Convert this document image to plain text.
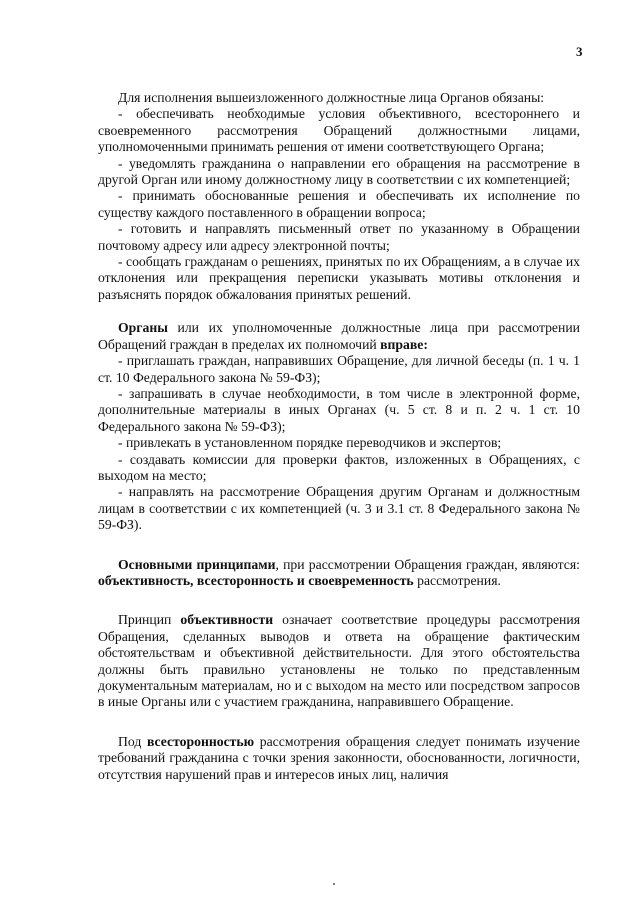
3

Для исполнения вышеизложенного должностные лица Органов обязаны:

- обеспечивать необходимые условия объективного, всестороннего и своевременного рассмотрения Обращений должностными лицами, уполномоченными принимать решения от имени соответствующего Органа;

- уведомлять гражданина о направлении его обращения на рассмотрение в другой Орган или иному должностному лицу в соответствии с их компетенцией;

- принимать обоснованные решения и обеспечивать их исполнение по существу каждого поставленного в обращении вопроса;

- готовить и направлять письменный ответ по указанному в Обращении почтовому адресу или адресу электронной почты;

- сообщать гражданам о решениях, принятых по их Обращениям, а в случае их отклонения или прекращения переписки указывать мотивы отклонения и разъяснять порядок обжалования принятых решений.

Органы или их уполномоченные должностные лица при рассмотрении Обращений граждан в пределах их полномочий вправе:

- приглашать граждан, направивших Обращение, для личной беседы (п. 1 ч. 1 ст. 10 Федерального закона № 59-ФЗ);

- запрашивать в случае необходимости, в том числе в электронной форме, дополнительные материалы в иных Органах (ч. 5 ст. 8 и п. 2 ч. 1 ст. 10 Федерального закона № 59-ФЗ);

- привлекать в установленном порядке переводчиков и экспертов;

- создавать комиссии для проверки фактов, изложенных в Обращениях, с выходом на место;

- направлять на рассмотрение Обращения другим Органам и должностным лицам в соответствии с их компетенцией (ч. 3 и 3.1 ст. 8 Федерального закона № 59-ФЗ).

Основными принципами, при рассмотрении Обращения граждан, являются: объективность, всесторонность и своевременность рассмотрения.

Принцип объективности означает соответствие процедуры рассмотрения Обращения, сделанных выводов и ответа на обращение фактическим обстоятельствам и объективной действительности. Для этого обстоятельства должны быть правильно установлены не только по представленным документальным материалам, но и с выходом на место или посредством запросов в иные Органы или с участием гражданина, направившего Обращение.

Под всесторонностью рассмотрения обращения следует понимать изучение требований гражданина с точки зрения законности, обоснованности, логичности, отсутствия нарушений прав и интересов иных лиц, наличия
